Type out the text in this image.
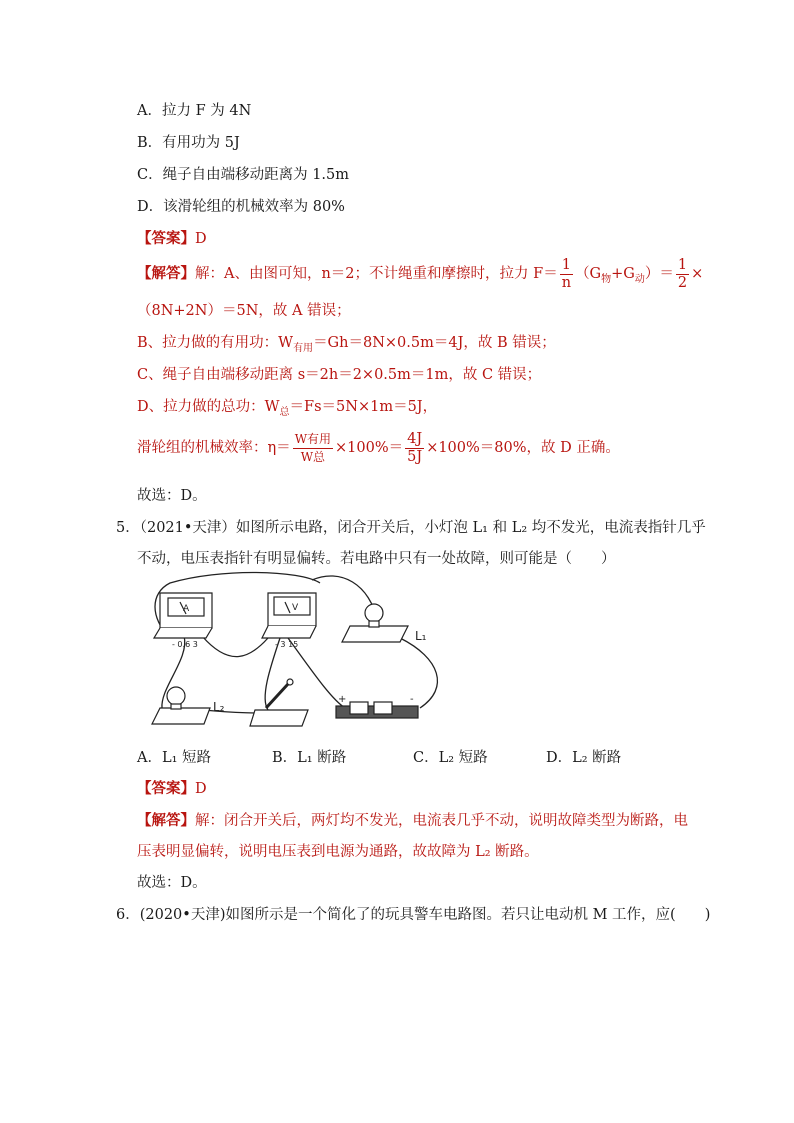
A．拉力 F 为 4N
B．有用功为 5J
C．绳子自由端移动距离为 1.5m
D．该滑轮组的机械效率为 80%
【答案】D
【解答】解：A、由图可知，n＝2；不计绳重和摩擦时，拉力 $F= \frac{1}{n} (G_物+G_动)= \frac{1}{2}$ ×
（8N+2N）＝5N，故 A 错误；
B、拉力做的有用功：$W_{有用}=Gh=8N\times 0.5m=4J$，故 B 错误；
C、绳子自由端移动距离 s＝2h＝2×0.5m＝1m，故 C 错误；
D、拉力做的总功：$W_总=Fs=5N\times 1m=5J$，
滑轮组的机械效率：$\eta= \frac{\text{W有用}}{\text{W总}} \times 100\%= \frac{4J}{5J} \times 100\%=80\%$，故 D 正确。
故选：D。
5．（2021•天津）如图所示电路，闭合开关后，小灯泡 L₁ 和 L₂ 均不发光，电流表指针几乎
不动，电压表指针有明显偏转。若电路中只有一处故障，则可能是（　　）
A
- 0.6 3
V
- 3 15
L₁
L₂
+	-
A．L₁ 短路	B．L₁ 断路	C．L₂ 短路	D．L₂ 断路
【答案】D
【解答】解：闭合开关后，两灯均不发光，电流表几乎不动，说明故障类型为断路，电
压表明显偏转，说明电压表到电源为通路，故故障为 L₂ 断路。
故选：D。
6．(2020•天津)如图所示是一个简化了的玩具警车电路图。若只让电动机 M 工作，应(　　)
